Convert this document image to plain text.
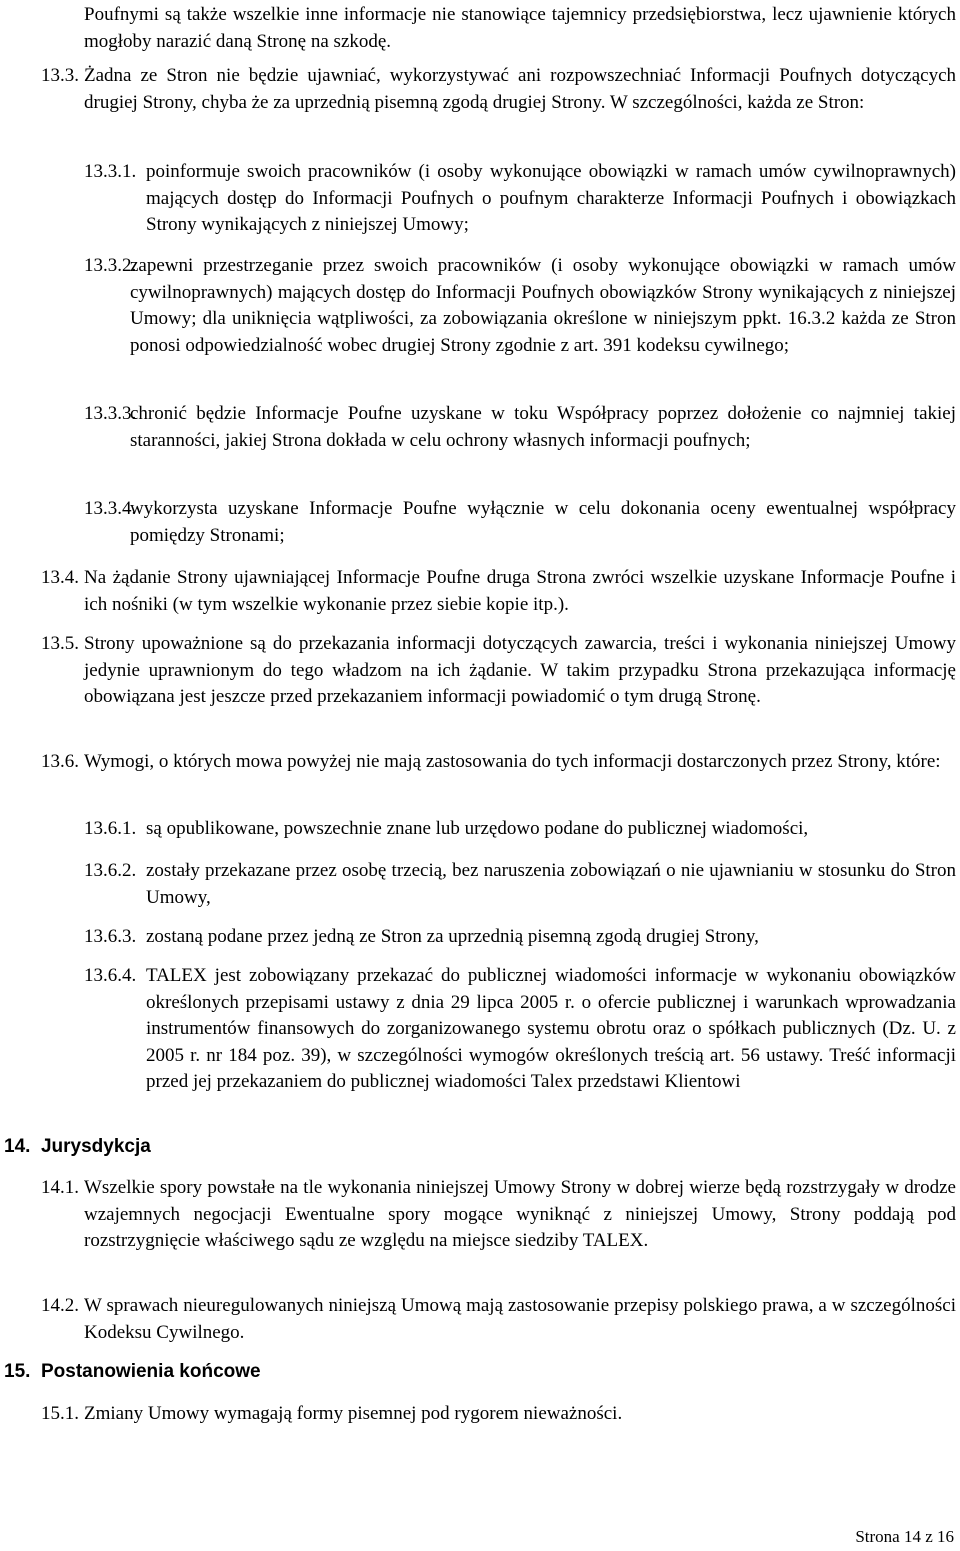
Poufnymi są także wszelkie inne informacje nie stanowiące tajemnicy przedsiębiorstwa, lecz ujawnienie których mogłoby narazić daną Stronę na szkodę.
13.3. Żadna ze Stron nie będzie ujawniać, wykorzystywać ani rozpowszechniać Informacji Poufnych dotyczących drugiej Strony, chyba że za uprzednią pisemną zgodą drugiej Strony. W szczególności, każda ze Stron:
13.3.1. poinformuje swoich pracowników (i osoby wykonujące obowiązki w ramach umów cywilnoprawnych) mających dostęp do Informacji Poufnych o poufnym charakterze Informacji Poufnych i obowiązkach Strony wynikających z niniejszej Umowy;
13.3.2.
zapewni przestrzeganie przez swoich pracowników (i osoby wykonujące obowiązki w ramach umów cywilnoprawnych) mających dostęp do Informacji Poufnych obowiązków Strony wynikających z niniejszej Umowy; dla uniknięcia wątpliwości, za zobowiązania określone w niniejszym ppkt. 16.3.2 każda ze Stron ponosi odpowiedzialność wobec drugiej Strony zgodnie z art. 391 kodeksu cywilnego;
13.3.3.
chronić będzie Informacje Poufne uzyskane w toku Współpracy poprzez dołożenie co najmniej takiej staranności, jakiej Strona dokłada w celu ochrony własnych informacji poufnych;
13.3.4.
wykorzysta uzyskane Informacje Poufne wyłącznie w celu dokonania oceny ewentualnej współpracy pomiędzy Stronami;
13.4. Na żądanie Strony ujawniającej Informacje Poufne druga Strona zwróci wszelkie uzyskane Informacje Poufne i ich nośniki (w tym wszelkie wykonanie przez siebie kopie itp.).
13.5. Strony upoważnione są do przekazania informacji dotyczących zawarcia, treści i wykonania niniejszej Umowy jedynie uprawnionym do tego władzom na ich żądanie. W takim przypadku Strona przekazująca informację obowiązana jest jeszcze przed przekazaniem informacji powiadomić o tym drugą Stronę.
13.6. Wymogi, o których mowa powyżej nie mają zastosowania do tych informacji dostarczonych przez Strony, które:
13.6.1. są opublikowane, powszechnie znane lub urzędowo podane do publicznej wiadomości,
13.6.2. zostały przekazane przez osobę trzecią, bez naruszenia zobowiązań o nie ujawnianiu w stosunku do Stron Umowy,
13.6.3. zostaną podane przez jedną ze Stron za uprzednią pisemną zgodą drugiej Strony,
13.6.4. TALEX jest zobowiązany przekazać do publicznej wiadomości informacje w wykonaniu obowiązków określonych przepisami ustawy z dnia 29 lipca 2005 r. o ofercie publicznej i warunkach wprowadzania instrumentów finansowych do zorganizowanego systemu obrotu oraz o spółkach publicznych (Dz. U. z 2005 r. nr 184 poz. 39), w szczególności wymogów określonych treścią art. 56 ustawy. Treść informacji przed jej przekazaniem do publicznej wiadomości Talex przedstawi Klientowi
14. Jurysdykcja
14.1. Wszelkie spory powstałe na tle wykonania niniejszej Umowy Strony w dobrej wierze będą rozstrzygały w drodze wzajemnych negocjacji Ewentualne spory mogące wyniknąć z niniejszej Umowy, Strony poddają pod rozstrzygnięcie właściwego sądu ze względu na miejsce siedziby TALEX.
14.2. W sprawach nieuregulowanych niniejszą Umową mają zastosowanie przepisy polskiego prawa, a w szczególności Kodeksu Cywilnego.
15. Postanowienia końcowe
15.1. Zmiany Umowy wymagają formy pisemnej pod rygorem nieważności.
Strona 14 z 16
